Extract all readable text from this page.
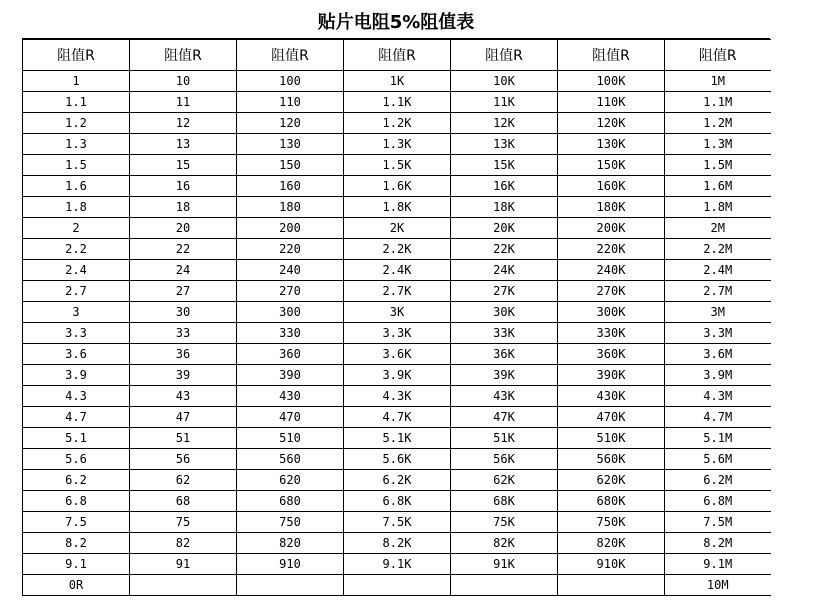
贴片电阻5%阻值表
阻值R	阻值R	阻值R	阻值R	阻值R	阻值R	阻值R
1	10	100	1K	10K	100K	1M
1.1	11	110	1.1K	11K	110K	1.1M
1.2	12	120	1.2K	12K	120K	1.2M
1.3	13	130	1.3K	13K	130K	1.3M
1.5	15	150	1.5K	15K	150K	1.5M
1.6	16	160	1.6K	16K	160K	1.6M
1.8	18	180	1.8K	18K	180K	1.8M
2	20	200	2K	20K	200K	2M
2.2	22	220	2.2K	22K	220K	2.2M
2.4	24	240	2.4K	24K	240K	2.4M
2.7	27	270	2.7K	27K	270K	2.7M
3	30	300	3K	30K	300K	3M
3.3	33	330	3.3K	33K	330K	3.3M
3.6	36	360	3.6K	36K	360K	3.6M
3.9	39	390	3.9K	39K	390K	3.9M
4.3	43	430	4.3K	43K	430K	4.3M
4.7	47	470	4.7K	47K	470K	4.7M
5.1	51	510	5.1K	51K	510K	5.1M
5.6	56	560	5.6K	56K	560K	5.6M
6.2	62	620	6.2K	62K	620K	6.2M
6.8	68	680	6.8K	68K	680K	6.8M
7.5	75	750	7.5K	75K	750K	7.5M
8.2	82	820	8.2K	82K	820K	8.2M
9.1	91	910	9.1K	91K	910K	9.1M
0R						10M
